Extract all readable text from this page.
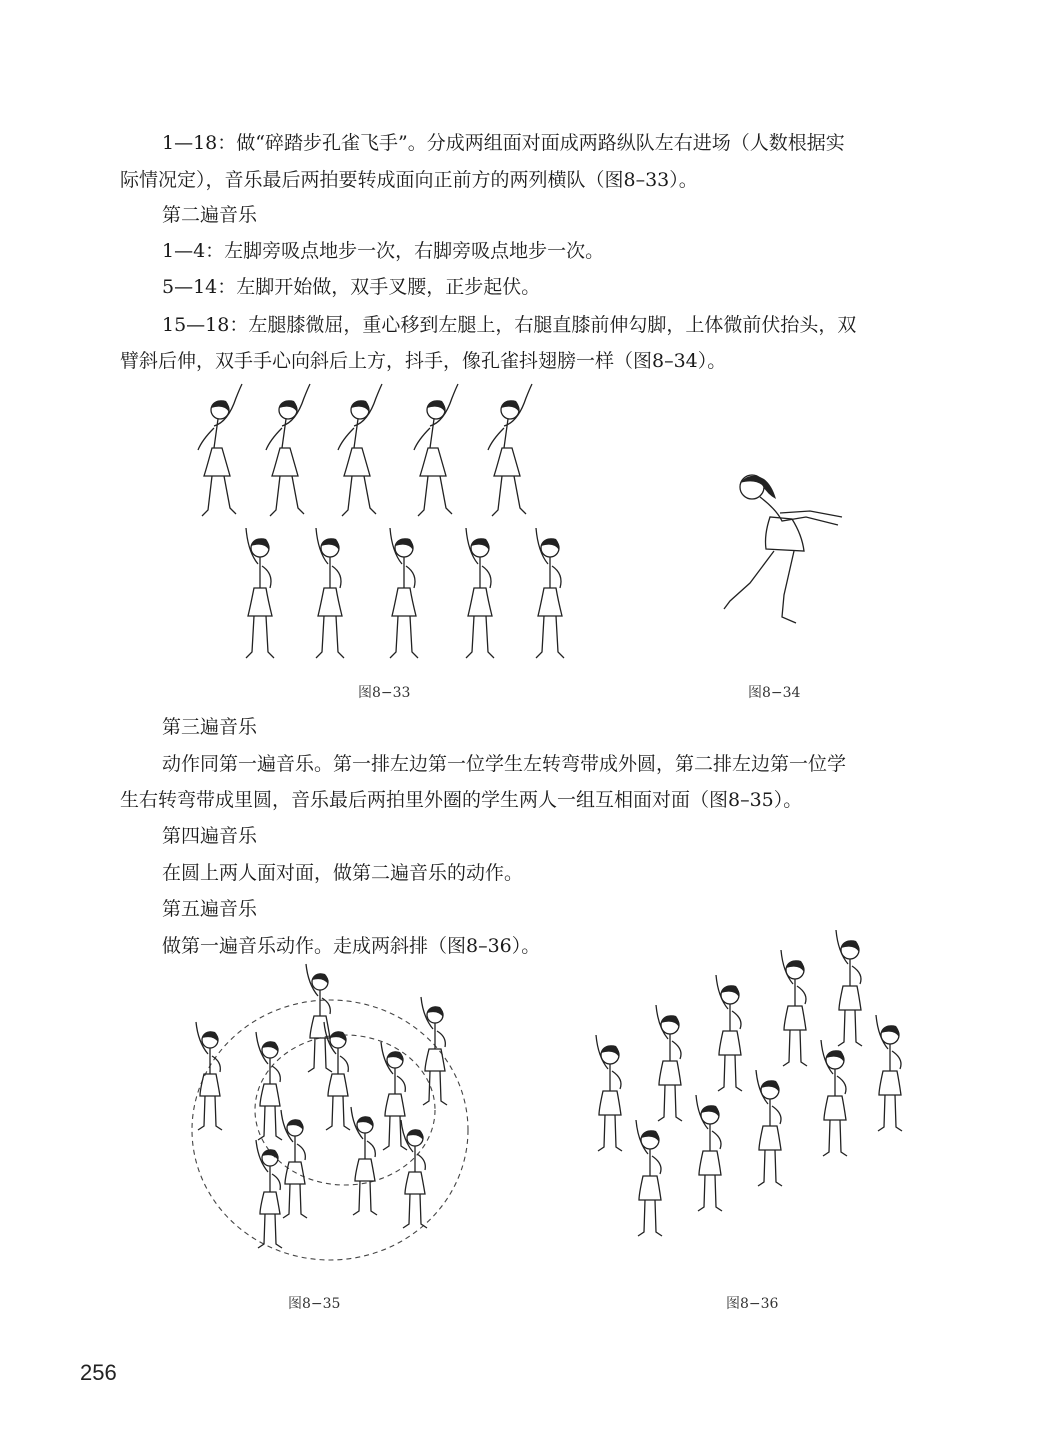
1—18：做“碎踏步孔雀飞手”。分成两组面对面成两路纵队左右进场（人数根据实
际情况定），音乐最后两拍要转成面向正前方的两列横队（图8–33）。
第二遍音乐
1—4：左脚旁吸点地步一次，右脚旁吸点地步一次。
5—14：左脚开始做，双手叉腰，正步起伏。
15—18：左腿膝微屈，重心移到左腿上，右腿直膝前伸勾脚，上体微前伏抬头，双
臂斜后伸，双手手心向斜后上方，抖手，像孔雀抖翅膀一样（图8–34）。
图8−33	图8−34
第三遍音乐
动作同第一遍音乐。第一排左边第一位学生左转弯带成外圆，第二排左边第一位学
生右转弯带成里圆，音乐最后两拍里外圈的学生两人一组互相面对面（图8–35）。
第四遍音乐
在圆上两人面对面，做第二遍音乐的动作。
第五遍音乐
做第一遍音乐动作。走成两斜排（图8–36）。
图8−35	图8−36
256
